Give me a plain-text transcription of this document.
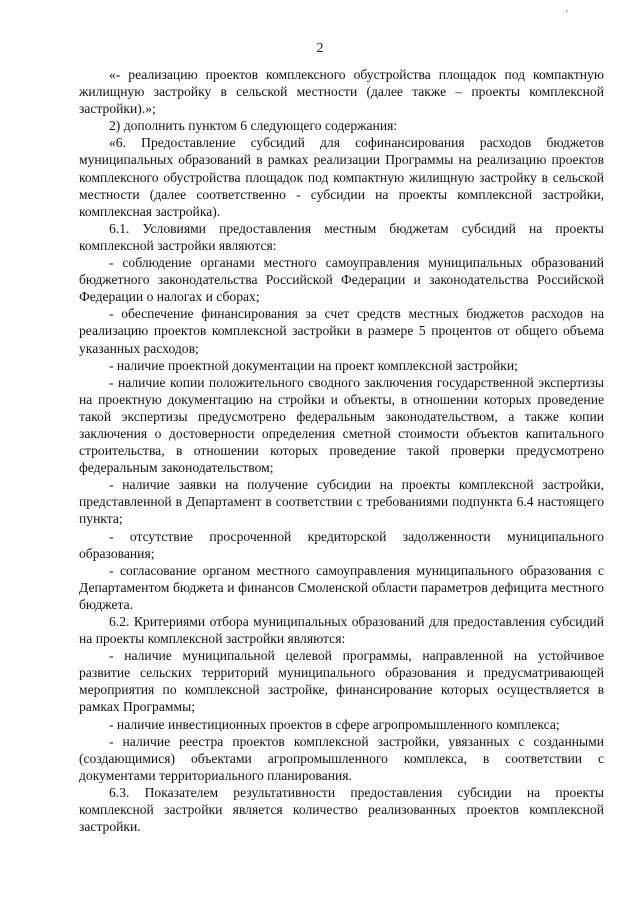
'
2

«- реализацию проектов комплексного обустройства площадок под компактную жилищную застройку в сельской местности (далее также – проекты комплексной застройки).»;

2) дополнить пунктом 6 следующего содержания:

«6. Предоставление субсидий для софинансирования расходов бюджетов муниципальных образований в рамках реализации Программы на реализацию проектов комплексного обустройства площадок под компактную жилищную застройку в сельской местности (далее соответственно - субсидии на проекты комплексной застройки, комплексная застройка).

6.1. Условиями предоставления местным бюджетам субсидий на проекты комплексной застройки являются:

- соблюдение органами местного самоуправления муниципальных образований бюджетного законодательства Российской Федерации и законодательства Российской Федерации о налогах и сборах;

- обеспечение финансирования за счет средств местных бюджетов расходов на реализацию проектов комплексной застройки в размере 5 процентов от общего объема указанных расходов;

- наличие проектной документации на проект комплексной застройки;

- наличие копии положительного сводного заключения государственной экспертизы на проектную документацию на стройки и объекты, в отношении которых проведение такой экспертизы предусмотрено федеральным законодательством, а также копии заключения о достоверности определения сметной стоимости объектов капитального строительства, в отношении которых проведение такой проверки предусмотрено федеральным законодательством;

- наличие заявки на получение субсидии на проекты комплексной застройки, представленной в Департамент в соответствии с требованиями подпункта 6.4 настоящего пункта;

- отсутствие просроченной кредиторской задолженности муниципального образования;

- согласование органом местного самоуправления муниципального образования с Департаментом бюджета и финансов Смоленской области параметров дефицита местного бюджета.

6.2. Критериями отбора муниципальных образований для предоставления субсидий на проекты комплексной застройки являются:

- наличие муниципальной целевой программы, направленной на устойчивое развитие сельских территорий муниципального образования и предусматривающей мероприятия по комплексной застройке, финансирование которых осуществляется в рамках Программы;

- наличие инвестиционных проектов в сфере агропромышленного комплекса;

- наличие реестра проектов комплексной застройки, увязанных с созданными (создающимися) объектами агропромышленного комплекса, в соответствии с документами территориального планирования.

6.3. Показателем результативности предоставления субсидии на проекты комплексной застройки является количество реализованных проектов комплексной застройки.
